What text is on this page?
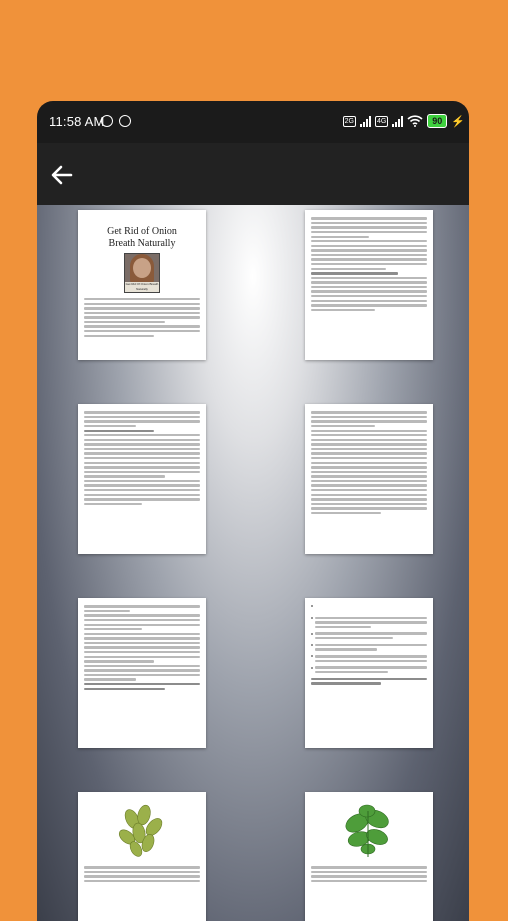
11:58 AM	2G	4G	90 ⚡
Get Rid of Onion
Breath Naturally
Get Rid Of Onion Breath Naturally
